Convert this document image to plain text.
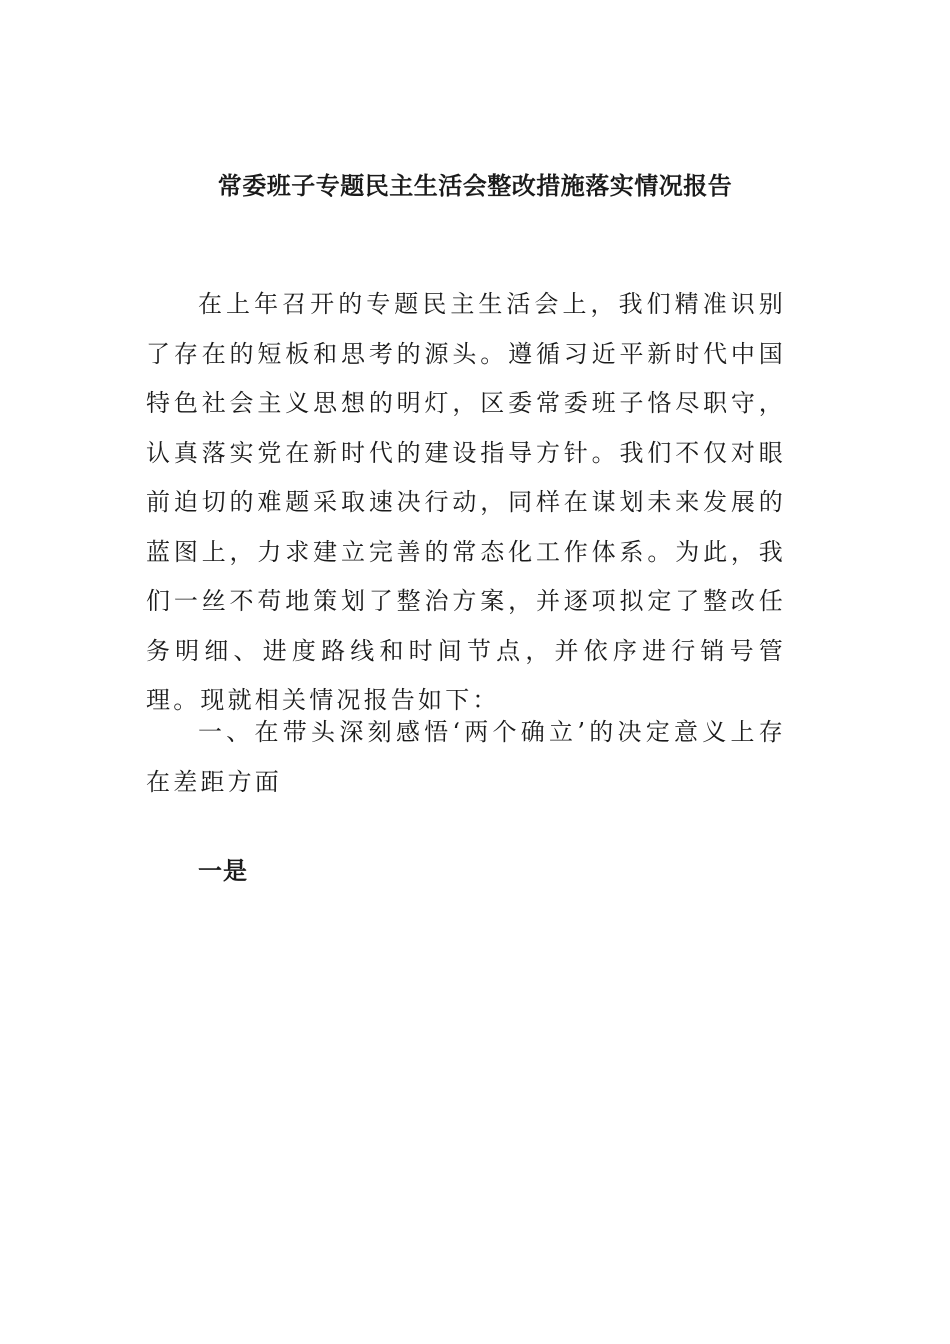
常委班子专题民主生活会整改措施落实情况报告

在上年召开的专题民主生活会上，我们精准识别了存在的短板和思考的源头。遵循习近平新时代中国特色社会主义思想的明灯，区委常委班子恪尽职守，认真落实党在新时代的建设指导方针。我们不仅对眼前迫切的难题采取速决行动，同样在谋划未来发展的蓝图上，力求建立完善的常态化工作体系。为此，我们一丝不苟地策划了整治方案，并逐项拟定了整改任务明细、进度路线和时间节点，并依序进行销号管理。现就相关情况报告如下：

一、在带头深刻感悟‘两个确立’的决定意义上存在差距方面

一是
